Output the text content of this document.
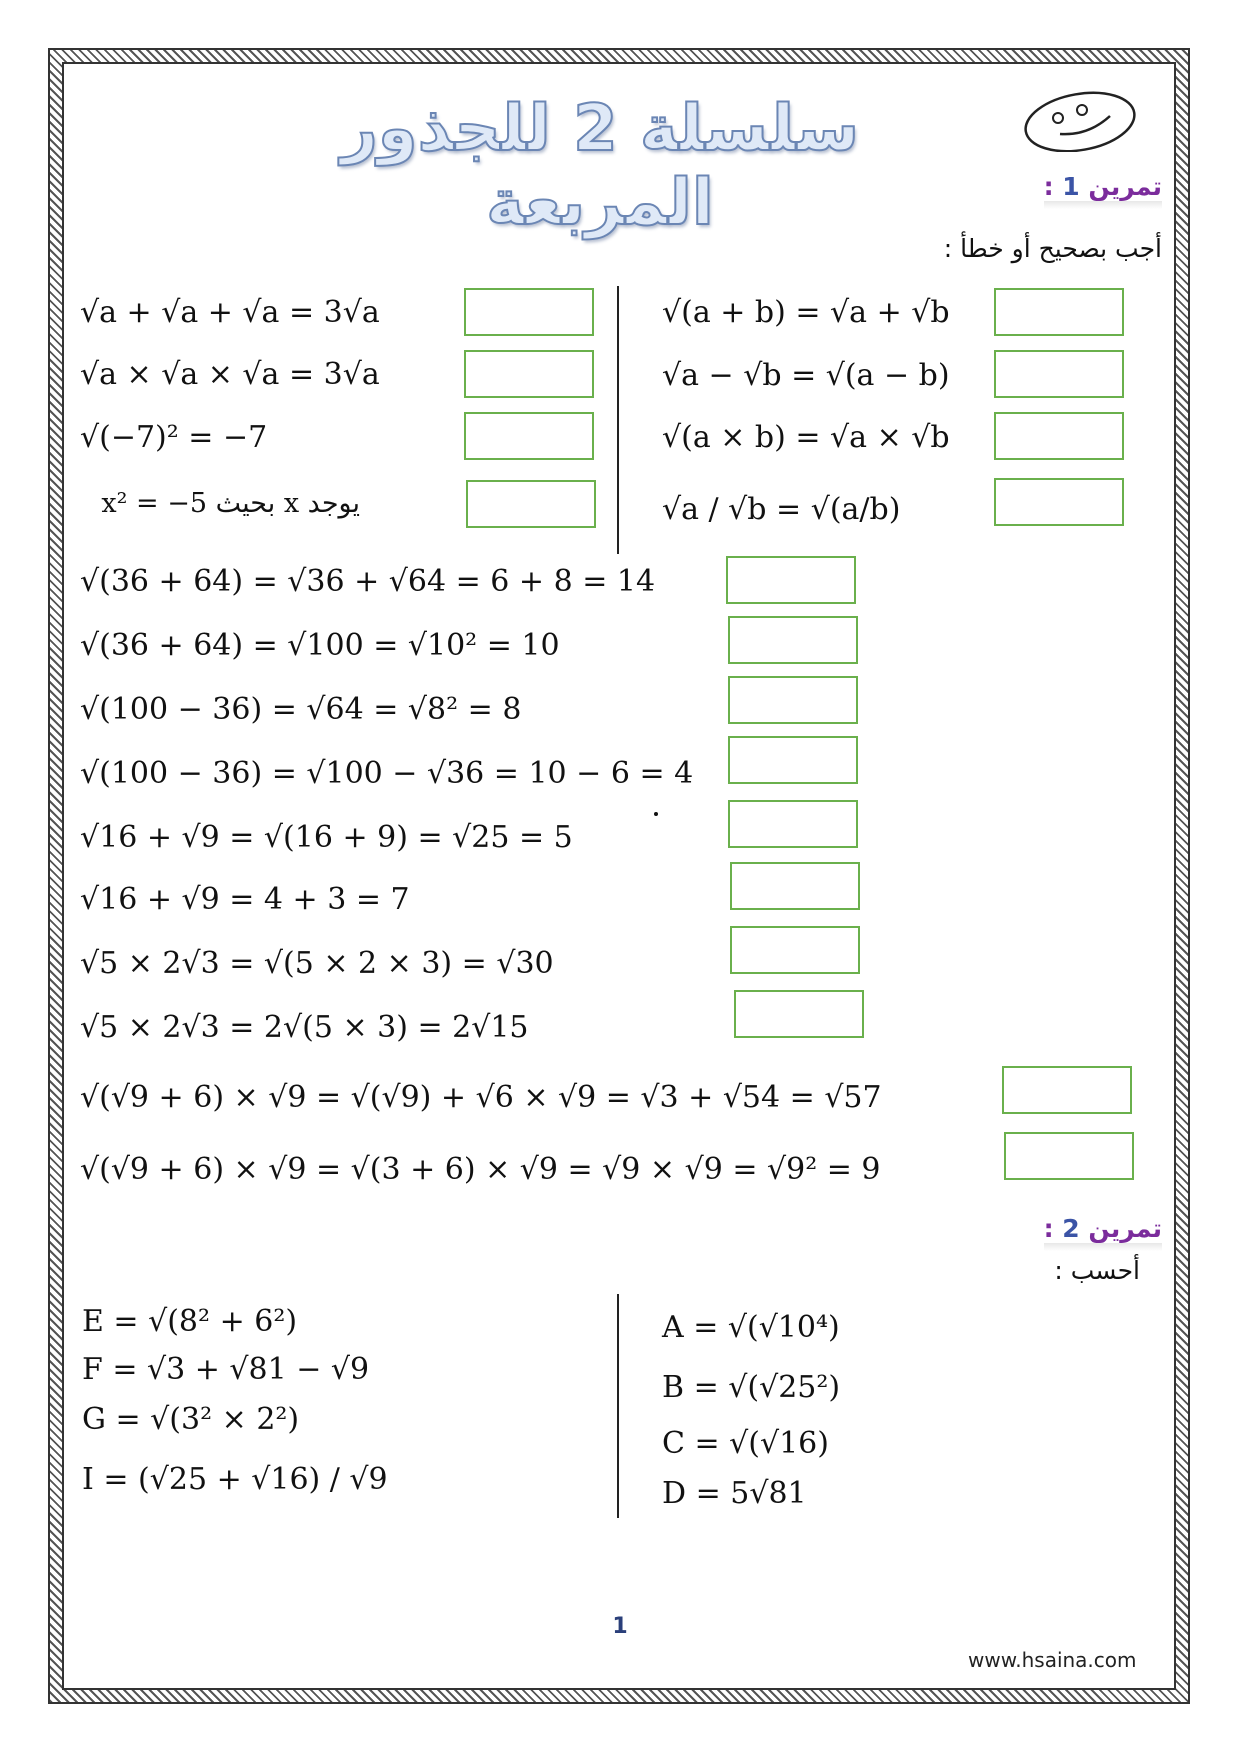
سلسلة 2 للجذور المربعة	تمرين 1 :
أجب بصحيح أو خطأ :
√a + √a + √a = 3√a
√a × √a × √a = 3√a
√(−7)² = −7
يوجد x بحيث x² = −5
√(a + b) = √a + √b
√a − √b = √(a − b)
√(a × b) = √a × √b
√a / √b = √(a/b)
√(36 + 64) = √36 + √64 = 6 + 8 = 14
√(36 + 64) = √100 = √10² = 10
√(100 − 36) = √64 = √8² = 8
√(100 − 36) = √100 − √36 = 10 − 6 = 4
√16 + √9 = √(16 + 9) = √25 = 5
√16 + √9 = 4 + 3 = 7
√5 × 2√3 = √(5 × 2 × 3) = √30
√5 × 2√3 = 2√(5 × 3) = 2√15
√(√9 + 6) × √9 = √(√9) + √6 × √9 = √3 + √54 = √57
√(√9 + 6) × √9 = √(3 + 6) × √9 = √9 × √9 = √9² = 9
تمرين 2 :
أحسب :
E = √(8² + 6²)
F = √3 + √81 − √9
G = √(3² × 2²)
I = (√25 + √16) / √9
A = √(√10⁴)
B = √(√25²)
C = √(√16)
D = 5√81
1
www.hsaina.com
